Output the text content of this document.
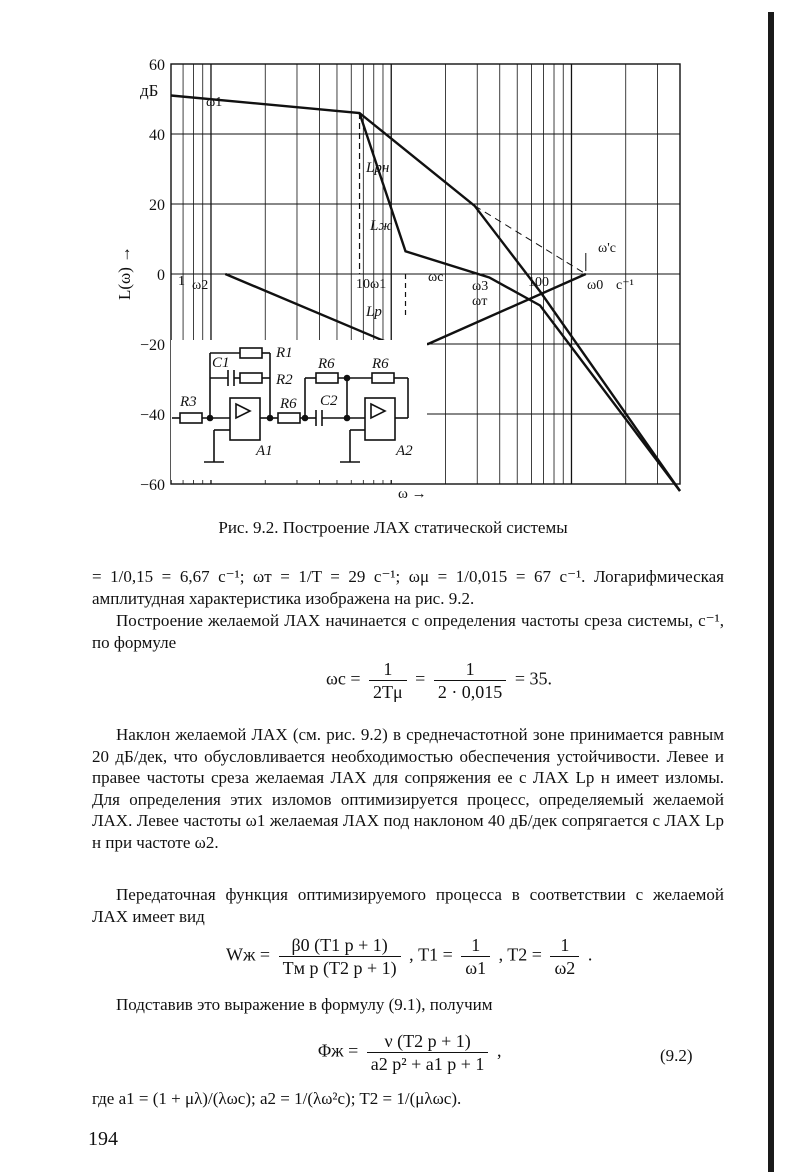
60
40
20
0
−20
−40
−60
дБ
L(ω) →
ω →
ω1
1 ω2	10ω1	ωc
ω3
ωт
100	ω0 c⁻¹
ω'c
Lрн
Lж
Lр
C1
R1
R2
R3	R6
R6 R6
C2
A1	A2
Рис. 9.2. Построение ЛАХ статической системы
= 1/0,15 = 6,67 с⁻¹; ωт = 1/T = 29 с⁻¹; ωμ = 1/0,015 = 67 с⁻¹. Логарифмическая амплитудная характеристика изображена на рис. 9.2.
Построение желаемой ЛАХ начинается с определения частоты среза системы, с⁻¹, по формуле
$\omega c = \frac{1}{2T\mu} = \frac{1}{2 \cdot 0,015} = 35$.
Наклон желаемой ЛАХ (см. рис. 9.2) в среднечастотной зоне принимается равным 20 дБ/дек, что обусловливается необходимостью обеспечения устойчивости. Левее и правее частоты среза желаемая ЛАХ для сопряжения ее с ЛАХ Lр н имеет изломы. Для определения этих изломов оптимизируется процесс, определяемый желаемой ЛАХ. Левее частоты ω1 желаемая ЛАХ под наклоном 40 дБ/дек сопрягается с ЛАХ Lр н при частоте ω2.
Передаточная функция оптимизируемого процесса в соответствии с желаемой ЛАХ имеет вид
Wж = $\frac{\beta 0 (T1 p + 1)}{\text{Tм p (T2 p + 1)}}$ , $T1 = \frac{1}{\omega 1}$ , $T2 = \frac{1}{\omega 2}$ .
Подставив это выражение в формулу (9.1), получим
$\Phi ж = \frac{\nu (T2 p + 1)}{\text{a2 p² + a1 p + 1}}$ ,	(9.2)
где a1 = (1 + μλ)/(λωc); a2 = 1/(λω²c); T2 = 1/(μλωc).
194
